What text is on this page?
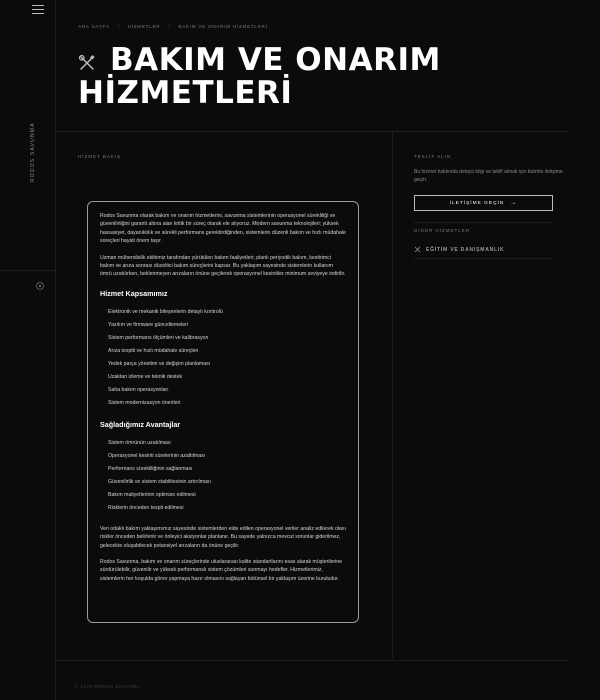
RODOS SAVUNMA
ANA SAYFA | HİZMETLER | BAKIM VE ONARIM HİZMETLERİ
BAKIM VE ONARIM
HİZMETLERİ
HİZMET BAKIŞ

Rodos Savunma olarak bakım ve onarım hizmetlerini, savunma sistemlerinin operasyonel sürekliliği ve güvenilirliğini garanti altına alan kritik bir süreç olarak ele alıyoruz. Modern savunma teknolojileri; yüksek hassasiyet, dayanıklılık ve sürekli performans gerektirdiğinden, sistemlerin düzenli bakım ve hızlı müdahale süreçleri hayati önem taşır.

Uzman mühendislik ekibimiz tarafından yürütülen bakım faaliyetleri; planlı periyodik bakım, kestirimci bakım ve arıza sonrası düzeltici bakım süreçlerini kapsar. Bu yaklaşım sayesinde sistemlerin kullanım ömrü uzatılırken, beklenmeyen arızaların önüne geçilerek operasyonel kesintiler minimum seviyeye indirilir.

Hizmet Kapsamımız
Elektronik ve mekanik bileşenlerin detaylı kontrolü
Yazılım ve firmware güncellemeleri
Sistem performans ölçümleri ve kalibrasyon
Arıza tespiti ve hızlı müdahale süreçleri
Yedek parça yönetimi ve değişim planlaması
Uzaktan izleme ve teknik destek
Saha bakım operasyonları
Sistem modernizasyon önerileri
Sağladığımız Avantajlar
Sistem ömrünün uzatılması
Operasyonel kesinti sürelerinin azaltılması
Performans sürekliliğinin sağlanması
Güvenilirlik ve sistem stabilitesinin artırılması
Bakım maliyetlerinin optimize edilmesi
Risklerin önceden tespit edilmesi

Veri odaklı bakım yaklaşımımız sayesinde sistemlerden elde edilen operasyonel veriler analiz edilerek olası riskler önceden belirlenir ve önleyici aksiyonlar planlanır. Bu sayede yalnızca mevcut sorunlar giderilmez, gelecekte oluşabilecek potansiyel arızaların da önüne geçilir.

Rodos Savunma, bakım ve onarım süreçlerinde uluslararası kalite standartlarını esas alarak müşterilerine sürdürülebilir, güvenilir ve yüksek performanslı sistem çözümleri sunmayı hedefler. Hizmetlerimiz, sistemlerin her koşulda görev yapmaya hazır olmasını sağlayan bütünsel bir yaklaşım üzerine kuruludur.

TEKLİF ALIN
Bu hizmet hakkında detaylı bilgi ve teklif almak için bizimle iletişime geçin.
İLETİŞİME GEÇİN →
DİĞER HİZMETLER
EĞİTİM VE DANIŞMANLIK
© 2025 RODOS SAVUNMA
